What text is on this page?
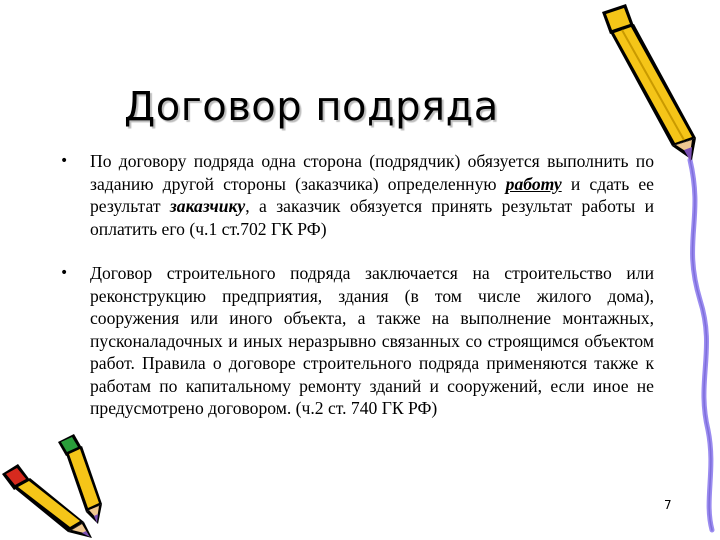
Договор подряда
•	По договору подряда одна сторона (подрядчик) обязуется выполнить по заданию другой стороны (заказчика) определенную работу и сдать ее результат заказчику, а заказчик обязуется принять результат работы и оплатить его (ч.1 ст.702 ГК РФ)
•	Договор строительного подряда заключается на строительство или реконструкцию предприятия, здания (в том числе жилого дома), сооружения или иного объекта, а также на выполнение монтажных, пусконаладочных и иных неразрывно связанных со строящимся объектом работ. Правила о договоре строительного подряда применяются также к работам по капитальному ремонту зданий и сооружений, если иное не предусмотрено договором. (ч.2 ст. 740 ГК РФ)
7
